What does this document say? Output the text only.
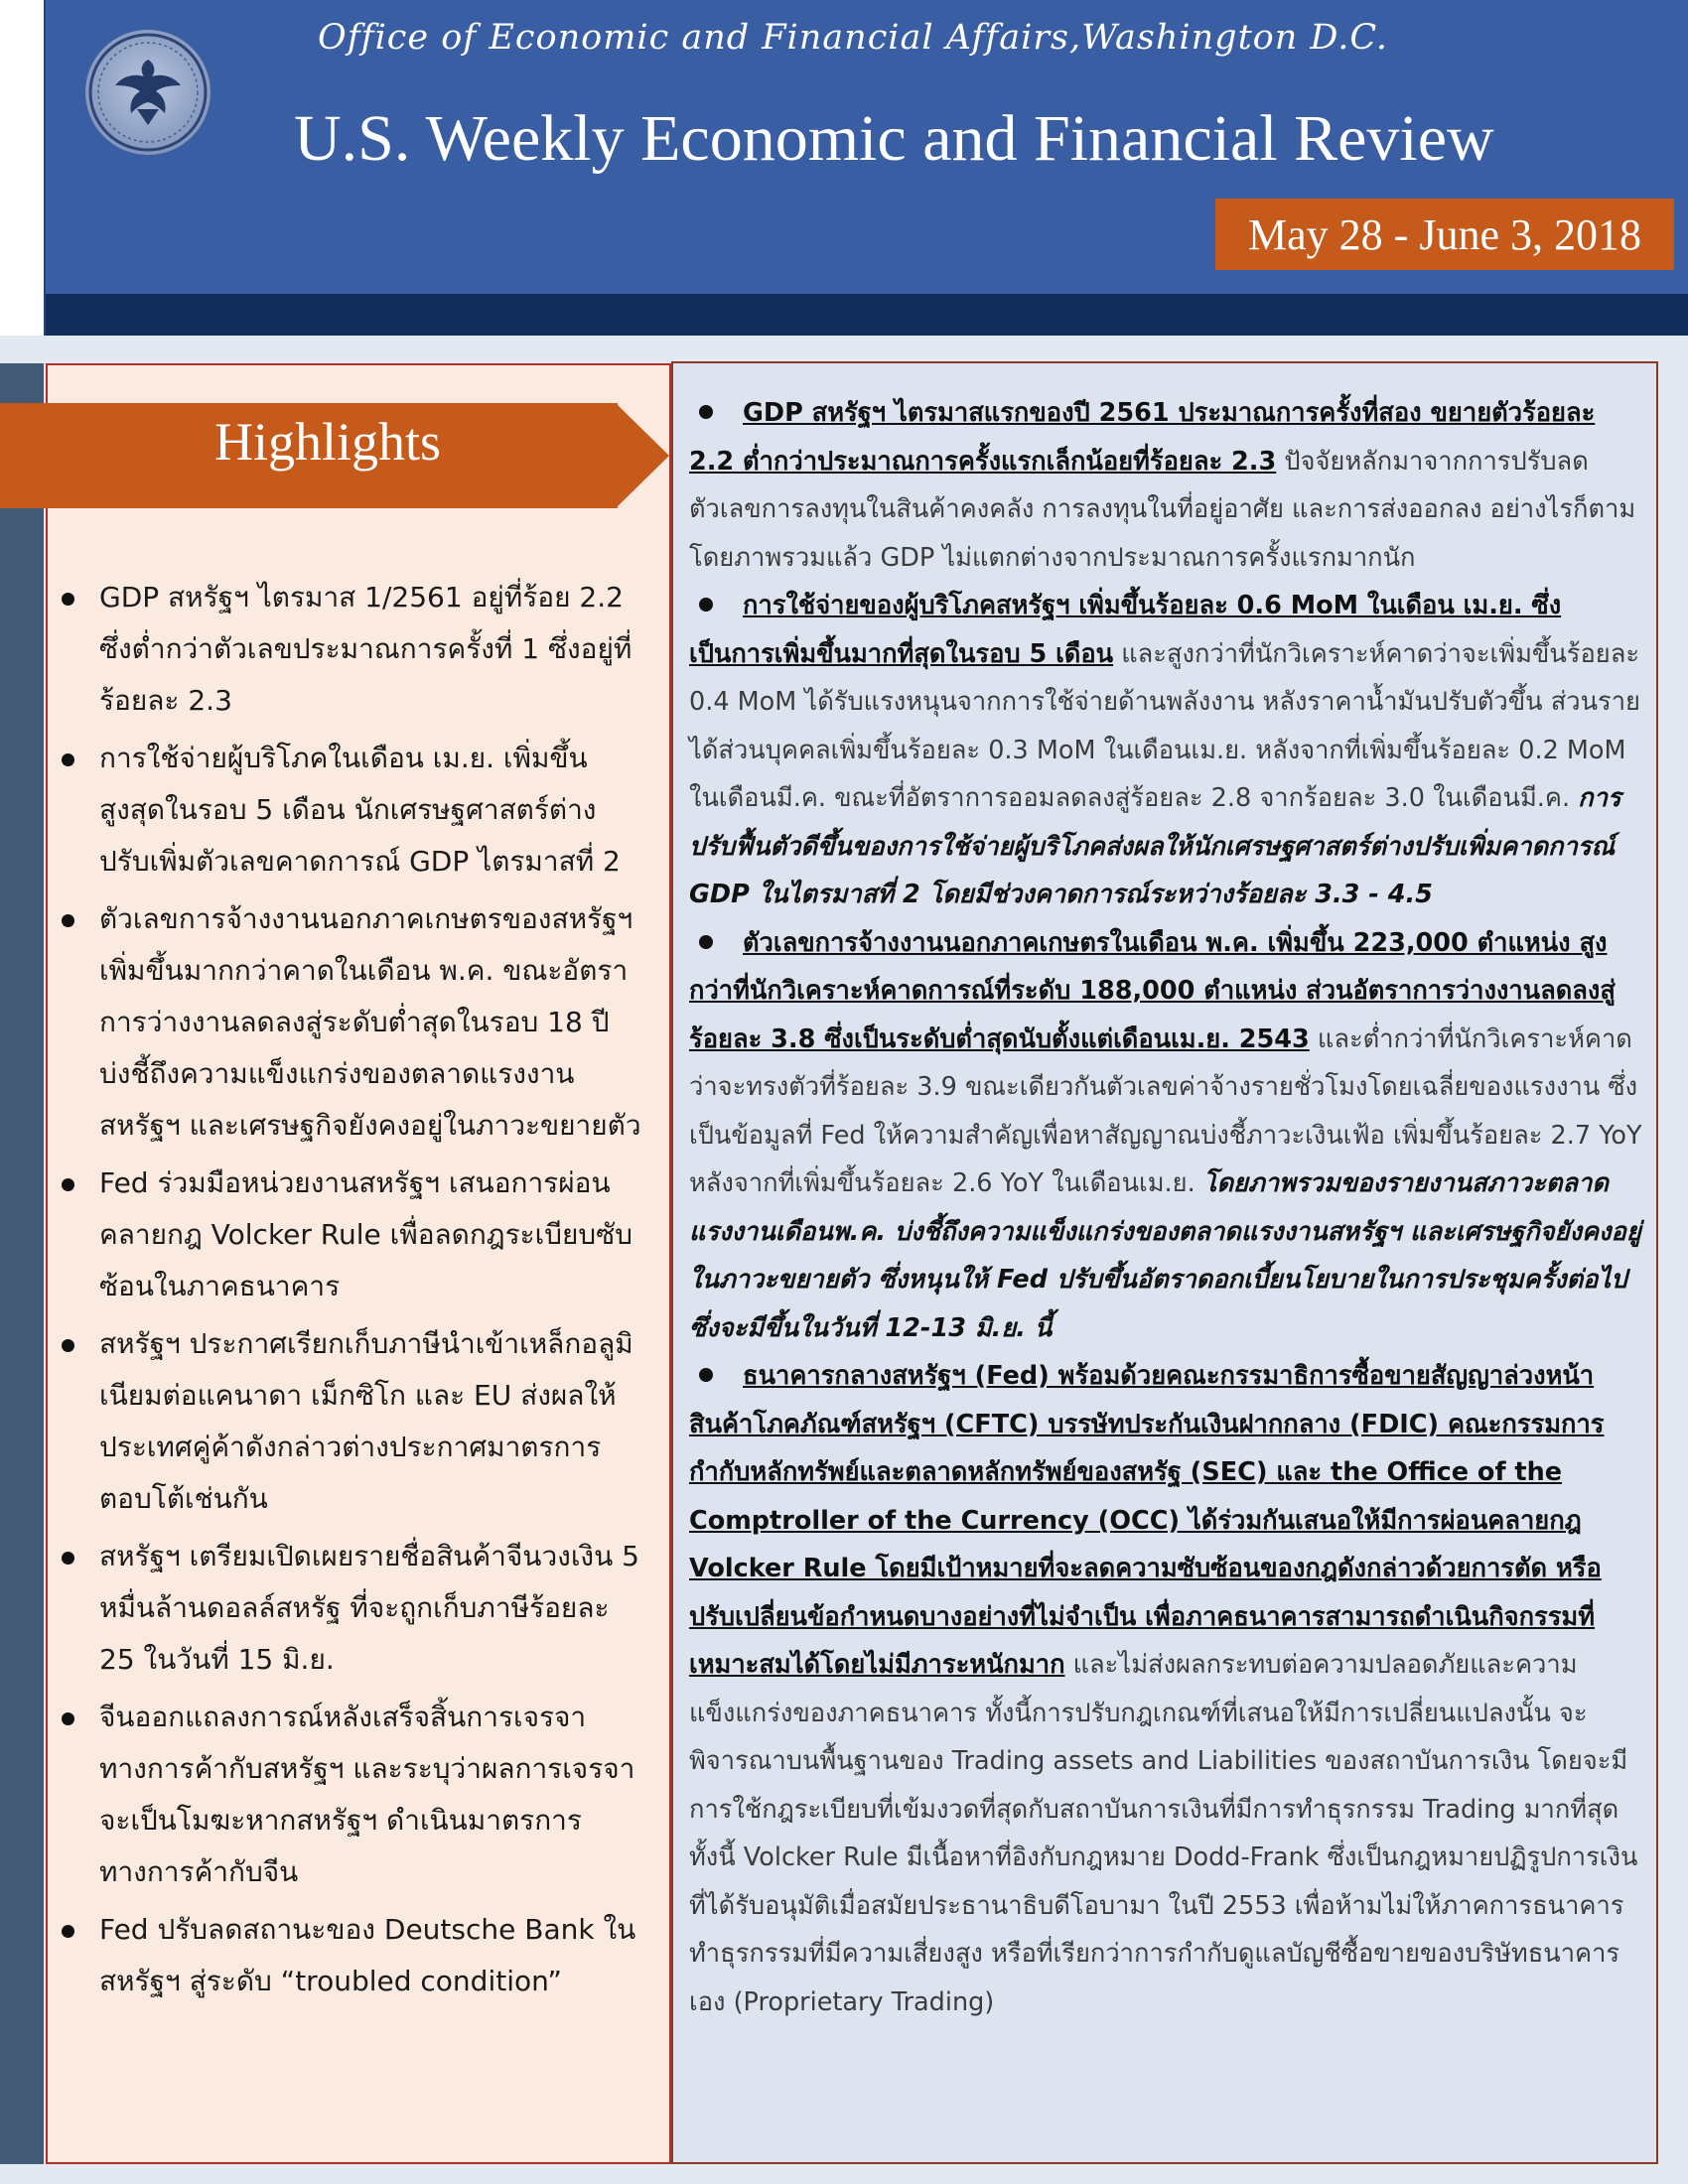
Office of Economic and Financial Affairs,Washington D.C.
U.S. Weekly Economic and Financial Review
May 28 - June 3, 2018
Highlights
GDP สหรัฐฯ ไตรมาส 1/2561 อยู่ที่ร้อย 2.2 ซึ่งต่ำกว่าตัวเลขประมาณการครั้งที่ 1 ซึ่งอยู่ที่ร้อยละ 2.3
การใช้จ่ายผู้บริโภคในเดือน เม.ย. เพิ่มขึ้นสูงสุดในรอบ 5 เดือน นักเศรษฐศาสตร์ต่างปรับเพิ่มตัวเลขคาดการณ์ GDP ไตรมาสที่ 2
ตัวเลขการจ้างงานนอกภาคเกษตรของสหรัฐฯ เพิ่มขึ้นมากกว่าคาดในเดือน พ.ค. ขณะอัตราการว่างงานลดลงสู่ระดับต่ำสุดในรอบ 18 ปี บ่งชี้ถึงความแข็งแกร่งของตลาดแรงงานสหรัฐฯ และเศรษฐกิจยังคงอยู่ในภาวะขยายตัว
Fed ร่วมมือหน่วยงานสหรัฐฯ เสนอการผ่อนคลายกฎ Volcker Rule เพื่อลดกฎระเบียบซับซ้อนในภาคธนาคาร
สหรัฐฯ ประกาศเรียกเก็บภาษีนำเข้าเหล็กอลูมิเนียมต่อแคนาดา เม็กซิโก และ EU ส่งผลให้ประเทศคู่ค้าดังกล่าวต่างประกาศมาตรการตอบโต้เช่นกัน
สหรัฐฯ เตรียมเปิดเผยรายชื่อสินค้าจีนวงเงิน 5 หมื่นล้านดอลล์สหรัฐ ที่จะถูกเก็บภาษีร้อยละ 25 ในวันที่ 15 มิ.ย.
จีนออกแถลงการณ์หลังเสร็จสิ้นการเจรจาทางการค้ากับสหรัฐฯ และระบุว่าผลการเจรจาจะเป็นโมฆะหากสหรัฐฯ ดำเนินมาตรการทางการค้ากับจีน
Fed ปรับลดสถานะของ Deutsche Bank ในสหรัฐฯ สู่ระดับ “troubled condition”
GDP สหรัฐฯ ไตรมาสแรกของปี 2561 ประมาณการครั้งที่สอง ขยายตัวร้อยละ 2.2 ต่ำกว่าประมาณการครั้งแรกเล็กน้อยที่ร้อยละ 2.3 ปัจจัยหลักมาจากการปรับลดตัวเลขการลงทุนในสินค้าคงคลัง การลงทุนในที่อยู่อาศัย และการส่งออกลง อย่างไรก็ตาม โดยภาพรวมแล้ว GDP ไม่แตกต่างจากประมาณการครั้งแรกมากนัก
การใช้จ่ายของผู้บริโภคสหรัฐฯ เพิ่มขึ้นร้อยละ 0.6 MoM ในเดือน เม.ย. ซึ่งเป็นการเพิ่มขึ้นมากที่สุดในรอบ 5 เดือน และสูงกว่าที่นักวิเคราะห์คาดว่าจะเพิ่มขึ้นร้อยละ 0.4 MoM ได้รับแรงหนุนจากการใช้จ่ายด้านพลังงาน หลังราคาน้ำมันปรับตัวขึ้น ส่วนรายได้ส่วนบุคคลเพิ่มขึ้นร้อยละ 0.3 MoM ในเดือนเม.ย. หลังจากที่เพิ่มขึ้นร้อยละ 0.2 MoM ในเดือนมี.ค. ขณะที่อัตราการออมลดลงสู่ร้อยละ 2.8 จากร้อยละ 3.0 ในเดือนมี.ค. การปรับฟื้นตัวดีขึ้นของการใช้จ่ายผู้บริโภคส่งผลให้นักเศรษฐศาสตร์ต่างปรับเพิ่มคาดการณ์ GDP ในไตรมาสที่ 2 โดยมีช่วงคาดการณ์ระหว่างร้อยละ 3.3 - 4.5
ตัวเลขการจ้างงานนอกภาคเกษตรในเดือน พ.ค. เพิ่มขึ้น 223,000 ตำแหน่ง สูงกว่าที่นักวิเคราะห์คาดการณ์ที่ระดับ 188,000 ตำแหน่ง ส่วนอัตราการว่างงานลดลงสู่ร้อยละ 3.8 ซึ่งเป็นระดับต่ำสุดนับตั้งแต่เดือนเม.ย. 2543 และต่ำกว่าที่นักวิเคราะห์คาดว่าจะทรงตัวที่ร้อยละ 3.9 ขณะเดียวกันตัวเลขค่าจ้างรายชั่วโมงโดยเฉลี่ยของแรงงาน ซึ่งเป็นข้อมูลที่ Fed ให้ความสำคัญเพื่อหาสัญญาณบ่งชี้ภาวะเงินเฟ้อ เพิ่มขึ้นร้อยละ 2.7 YoY หลังจากที่เพิ่มขึ้นร้อยละ 2.6 YoY ในเดือนเม.ย. โดยภาพรวมของรายงานสภาวะตลาดแรงงานเดือนพ.ค. บ่งชี้ถึงความแข็งแกร่งของตลาดแรงงานสหรัฐฯ และเศรษฐกิจยังคงอยู่ในภาวะขยายตัว ซึ่งหนุนให้ Fed ปรับขึ้นอัตราดอกเบี้ยนโยบายในการประชุมครั้งต่อไปซึ่งจะมีขึ้นในวันที่ 12-13 มิ.ย. นี้
ธนาคารกลางสหรัฐฯ (Fed) พร้อมด้วยคณะกรรมาธิการซื้อขายสัญญาล่วงหน้าสินค้าโภคภัณฑ์สหรัฐฯ (CFTC) บรรษัทประกันเงินฝากกลาง (FDIC) คณะกรรมการกำกับหลักทรัพย์และตลาดหลักทรัพย์ของสหรัฐ (SEC) และ the Office of the Comptroller of the Currency (OCC) ได้ร่วมกันเสนอให้มีการผ่อนคลายกฎ Volcker Rule โดยมีเป้าหมายที่จะลดความซับซ้อนของกฎดังกล่าวด้วยการตัด หรือปรับเปลี่ยนข้อกำหนดบางอย่างที่ไม่จำเป็น เพื่อภาคธนาคารสามารถดำเนินกิจกรรมที่เหมาะสมได้โดยไม่มีภาระหนักมาก และไม่ส่งผลกระทบต่อความปลอดภัยและความแข็งแกร่งของภาคธนาคาร ทั้งนี้การปรับกฎเกณฑ์ที่เสนอให้มีการเปลี่ยนแปลงนั้น จะพิจารณาบนพื้นฐานของ Trading assets and Liabilities ของสถาบันการเงิน โดยจะมีการใช้กฎระเบียบที่เข้มงวดที่สุดกับสถาบันการเงินที่มีการทำธุรกรรม Trading มากที่สุด ทั้งนี้ Volcker Rule มีเนื้อหาที่อิงกับกฎหมาย Dodd-Frank ซึ่งเป็นกฎหมายปฏิรูปการเงินที่ได้รับอนุมัติเมื่อสมัยประธานาธิบดีโอบามา ในปี 2553 เพื่อห้ามไม่ให้ภาคการธนาคารทำธุรกรรมที่มีความเสี่ยงสูง หรือที่เรียกว่าการกำกับดูแลบัญชีซื้อขายของบริษัทธนาคารเอง (Proprietary Trading)
